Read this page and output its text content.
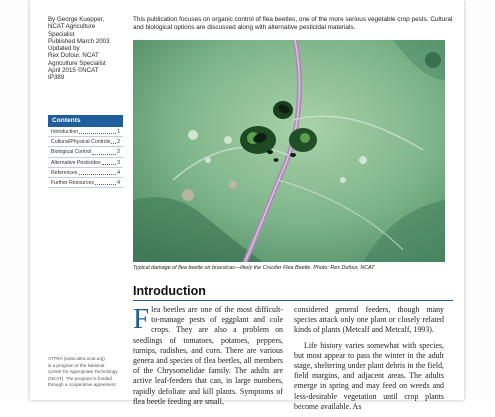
By George Kuepper,
NCAT Agriculture
Specialist
Published March 2003
Updated by
Rex Dufour, NCAT
Agriculture Specialist
April 2015 ©NCAT
IP389
Contents
Introduction	1
Cultural/Physical Controls 2
Biological Control	2
Alternative Pesticides	3
References	4
Further Resources	4
ATTRA (www.attra.ncat.org)
is a program of the National
Center for Appropriate Technology
(NCAT). The program is funded
through a cooperative agreement
This publication focuses on organic control of flea beetles, one of the more serious vegetable crop pests. Cultural and biological options are discussed along with alternative pesticidal materials.
Typical damage of flea beetle on brassicas—likely the Crucifer Flea Beetle. Photo: Rex Dufour, NCAT
Introduction

Flea beetles are one of the most difficult-to-manage pests of eggplant and cole crops. They are also a problem on seedlings of tomatoes, potatoes, peppers, turnips, radishes, and corn. There are various genera and species of flea beetles, all members of the Chrysomelidae family. The adults are active leaf-feeders that can, in large numbers, rapidly defoliate and kill plants. Symptoms of flea beetle feeding are small,

considered general feeders, though many species attack only one plant or closely related kinds of plants (Metcalf and Metcalf, 1993).

Life history varies somewhat with species, but most appear to pass the winter in the adult stage, sheltering under plant debris in the field, field margins, and adjacent areas. The adults emerge in spring and may feed on weeds and less-desirable vegetation until crop plants become available. As
